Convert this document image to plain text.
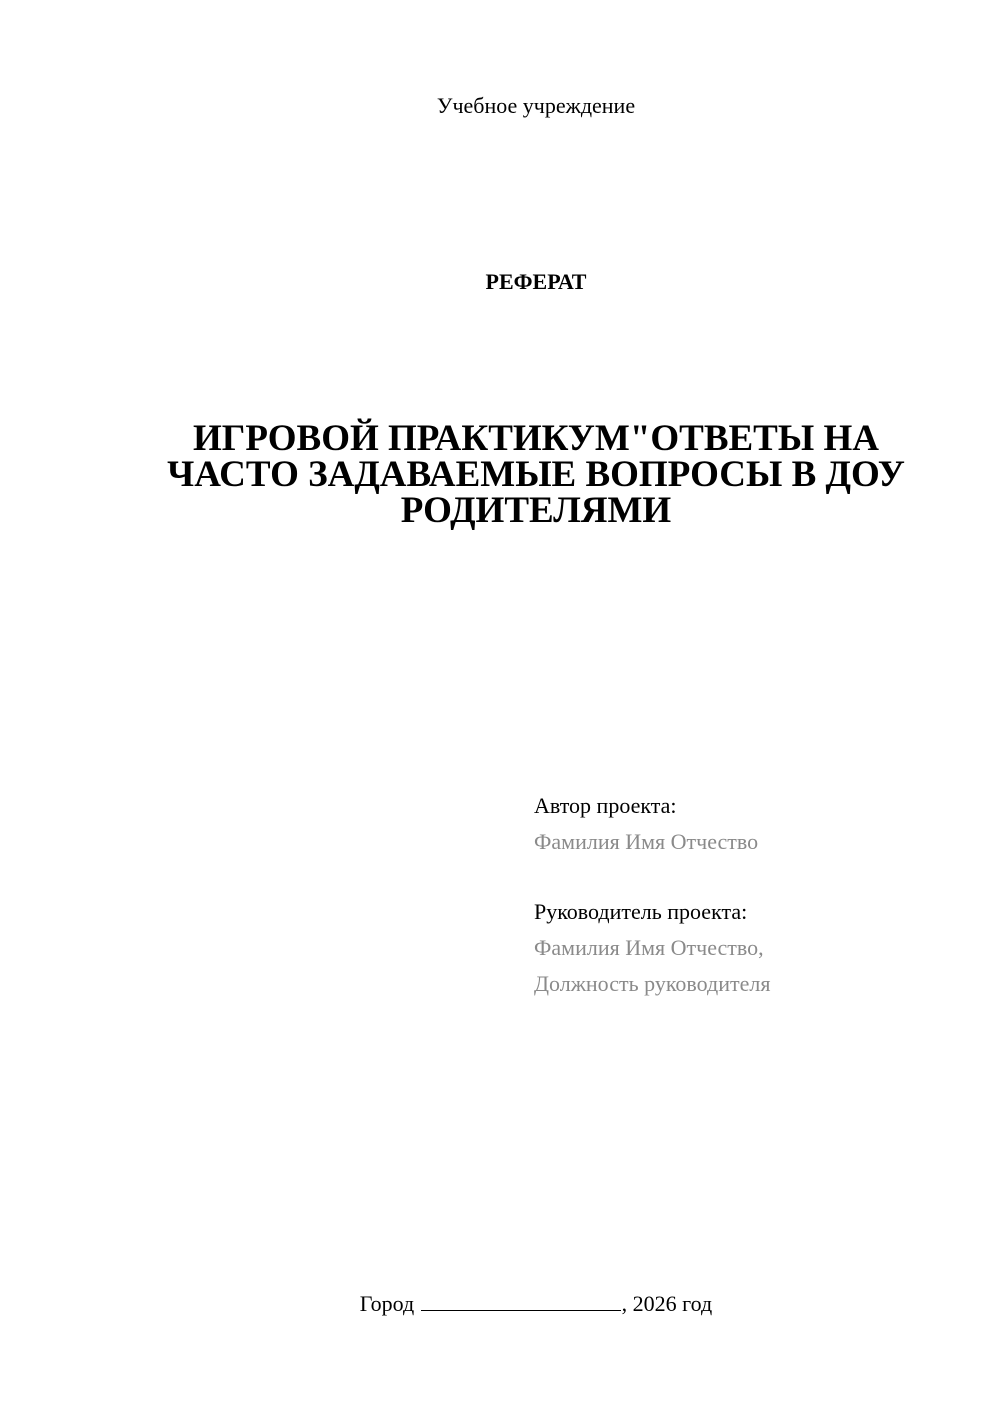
Учебное учреждение
РЕФЕРАТ
ИГРОВОЙ ПРАКТИКУМ"ОТВЕТЫ НА
ЧАСТО ЗАДАВАЕМЫЕ ВОПРОСЫ В ДОУ
РОДИТЕЛЯМИ
Автор проекта:
Фамилия Имя Отчество
Руководитель проекта:
Фамилия Имя Отчество,
Должность руководителя
Город	, 2026 год
